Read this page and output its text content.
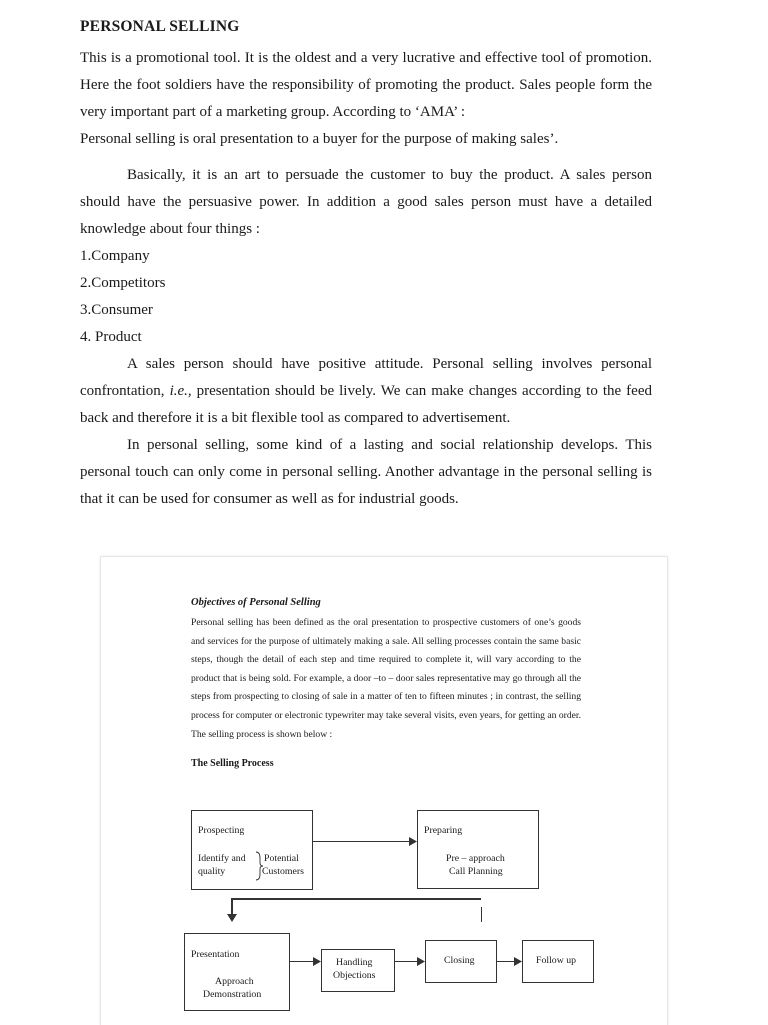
PERSONAL SELLING

This is a promotional tool. It is the oldest and a very lucrative and effective tool of promotion. Here the foot soldiers have the responsibility of promoting the product. Sales people form the very important part of a marketing group. According to ‘AMA’ :

Personal selling is oral presentation to a buyer for the purpose of making sales’.

Basically, it is an art to persuade the customer to buy the product. A sales person should have the persuasive power. In addition a good sales person must have a detailed knowledge about four things :

1.Company

2.Competitors

3.Consumer

4. Product

A sales person should have positive attitude. Personal selling involves personal confrontation, i.e., presentation should be lively. We can make changes according to the feed back and therefore it is a bit flexible tool as compared to advertisement.

In personal selling, some kind of a lasting and social relationship develops. This personal touch can only come in personal selling. Another advantage in the personal selling is that it can be used for consumer as well as for industrial goods.

Objectives of Personal Selling

Personal selling has been defined as the oral presentation to prospective customers of one’s goods and services for the purpose of ultimately making a sale. All selling processes contain the same basic steps, though the detail of each step and time required to complete it, will vary according to the product that is being sold. For example, a door –to – door sales representative may go through all the steps from prospecting to closing of sale in a matter of ten to fifteen minutes ; in contrast, the selling process for computer or electronic typewriter may take several visits, even years, for getting an order. The selling process is shown below :

The Selling Process

Prospecting
Identify and
quality
Potential
Customers
Preparing
Pre – approach
Call Planning
Presentation
Approach
Demonstration
Handling
Objections
Closing	Follow up
